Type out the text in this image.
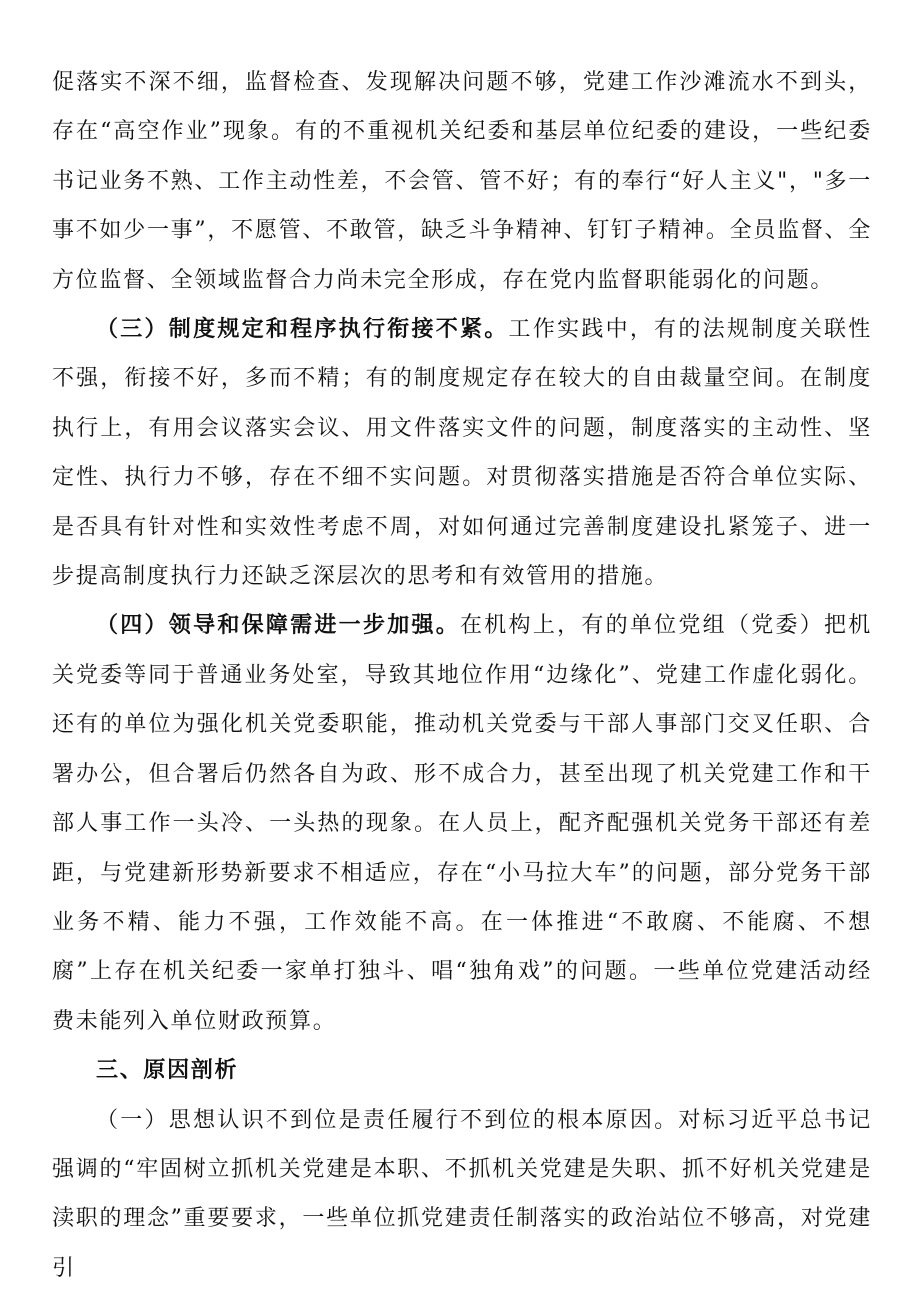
促落实不深不细，监督检查、发现解决问题不够，党建工作沙滩流水不到头，存在“高空作业”现象。有的不重视机关纪委和基层单位纪委的建设，一些纪委书记业务不熟、工作主动性差，不会管、管不好；有的奉行“好人主义"，"多一事不如少一事”，不愿管、不敢管，缺乏斗争精神、钉钉子精神。全员监督、全方位监督、全领域监督合力尚未完全形成，存在党内监督职能弱化的问题。

（三）制度规定和程序执行衔接不紧。工作实践中，有的法规制度关联性不强，衔接不好，多而不精；有的制度规定存在较大的自由裁量空间。在制度执行上，有用会议落实会议、用文件落实文件的问题，制度落实的主动性、坚定性、执行力不够，存在不细不实问题。对贯彻落实措施是否符合单位实际、是否具有针对性和实效性考虑不周，对如何通过完善制度建设扎紧笼子、进一步提高制度执行力还缺乏深层次的思考和有效管用的措施。

（四）领导和保障需进一步加强。在机构上，有的单位党组（党委）把机关党委等同于普通业务处室，导致其地位作用“边缘化”、党建工作虚化弱化。还有的单位为强化机关党委职能，推动机关党委与干部人事部门交叉任职、合署办公，但合署后仍然各自为政、形不成合力，甚至出现了机关党建工作和干部人事工作一头冷、一头热的现象。在人员上，配齐配强机关党务干部还有差距，与党建新形势新要求不相适应，存在“小马拉大车”的问题，部分党务干部业务不精、能力不强，工作效能不高。在一体推进“不敢腐、不能腐、不想腐”上存在机关纪委一家单打独斗、唱“独角戏”的问题。一些单位党建活动经费未能列入单位财政预算。

三、原因剖析

（一）思想认识不到位是责任履行不到位的根本原因。对标习近平总书记强调的“牢固树立抓机关党建是本职、不抓机关党建是失职、抓不好机关党建是渎职的理念”重要要求，一些单位抓党建责任制落实的政治站位不够高，对党建引
